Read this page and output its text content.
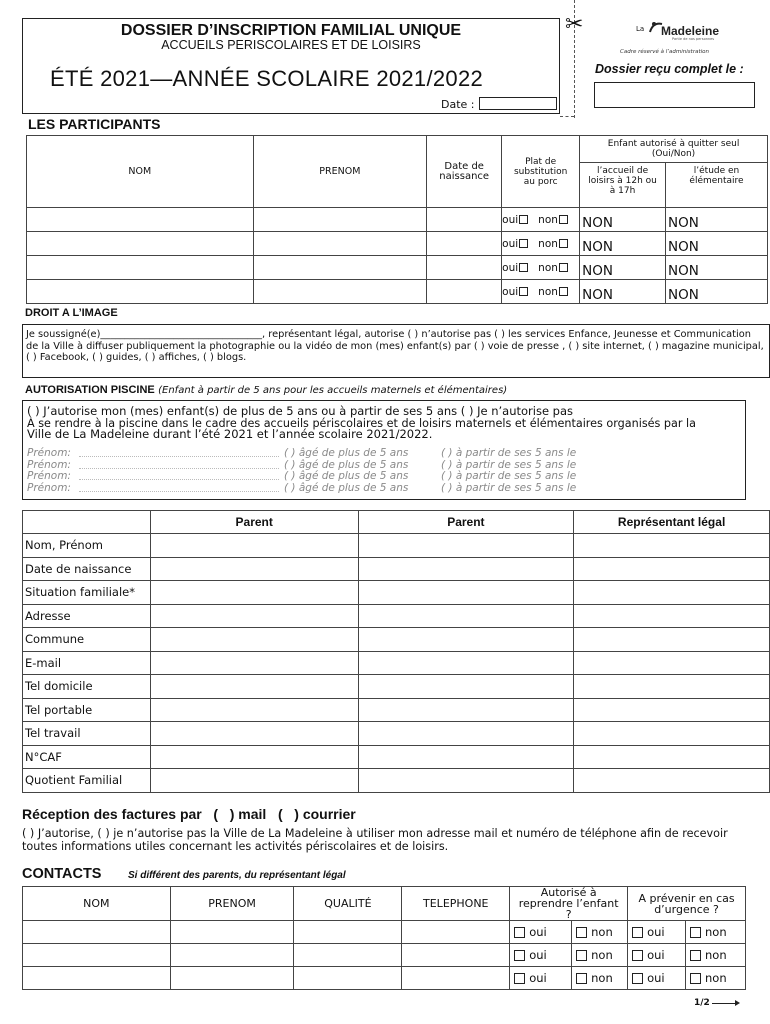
DOSSIER D’INSCRIPTION FAMILIAL UNIQUE
ACCUEILS PERISCOLAIRES ET DE LOISIRS
ÉTÉ 2021—ANNÉE SCOLAIRE 2021/2022
Date :
✂	La Madeleine
Partie de nos personnes
Cadre réservé à l’administration
Dossier reçu complet le :
LES PARTICIPANTS
NOM	PRENOM	Date de naissance	Plat de substitution au porc	Enfant autorisé à quitter seul (Oui/Non)	
				l’accueil de loisirs à 12h ou à 17h	l’étude en élémentaire
			oui non	NON	NON
			oui non	NON	NON
			oui non	NON	NON
			oui non	NON	NON
DROIT A L’IMAGE
Je soussigné(e)_________________________________, représentant légal, autorise ( ) n’autorise pas ( ) les services Enfance, Jeunesse et Communication de la Ville à diffuser publiquement la photographie ou la vidéo de mon (mes) enfant(s) par ( ) voie de presse , ( ) site internet, ( ) magazine municipal, ( ) Facebook, ( ) guides, ( ) affiches, ( ) blogs.
AUTORISATION PISCINE (Enfant à partir de 5 ans pour les accueils maternels et élémentaires)
( ) J’autorise mon (mes) enfant(s) de plus de 5 ans ou à partir de ses 5 ans ( ) Je n’autorise pas
À se rendre à la piscine dans le cadre des accueils périscolaires et de loisirs maternels et élémentaires organisés par la
Ville de La Madeleine durant l’été 2021 et l’année scolaire 2021/2022.
Prénom:	( ) âgé de plus de 5 ans	( ) à partir de ses 5 ans le
Prénom:	( ) âgé de plus de 5 ans	( ) à partir de ses 5 ans le
Prénom:	( ) âgé de plus de 5 ans	( ) à partir de ses 5 ans le
Prénom:	( ) âgé de plus de 5 ans	( ) à partir de ses 5 ans le
	Parent	Parent	Représentant légal
Nom, Prénom			
Date de naissance			
Situation familiale*			
Adresse			
Commune			
E-mail			
Tel domicile			
Tel portable			
Tel travail			
N°CAF			
Quotient Familial			
Réception des factures par   (   ) mail   (   ) courrier
( ) J’autorise, ( ) je n’autorise pas la Ville de La Madeleine à utiliser mon adresse mail et numéro de téléphone afin de recevoir toutes informations utiles concernant les activités périscolaires et de loisirs.
CONTACTS	Si différent des parents, du représentant légal
NOM	PRENOM	QUALITÉ	TELEPHONE	Autorisé à reprendre l’enfant ?		A prévenir en cas d’urgence ?	
				oui	non	oui	non
				oui	non	oui	non
				oui	non	oui	non
1/2
